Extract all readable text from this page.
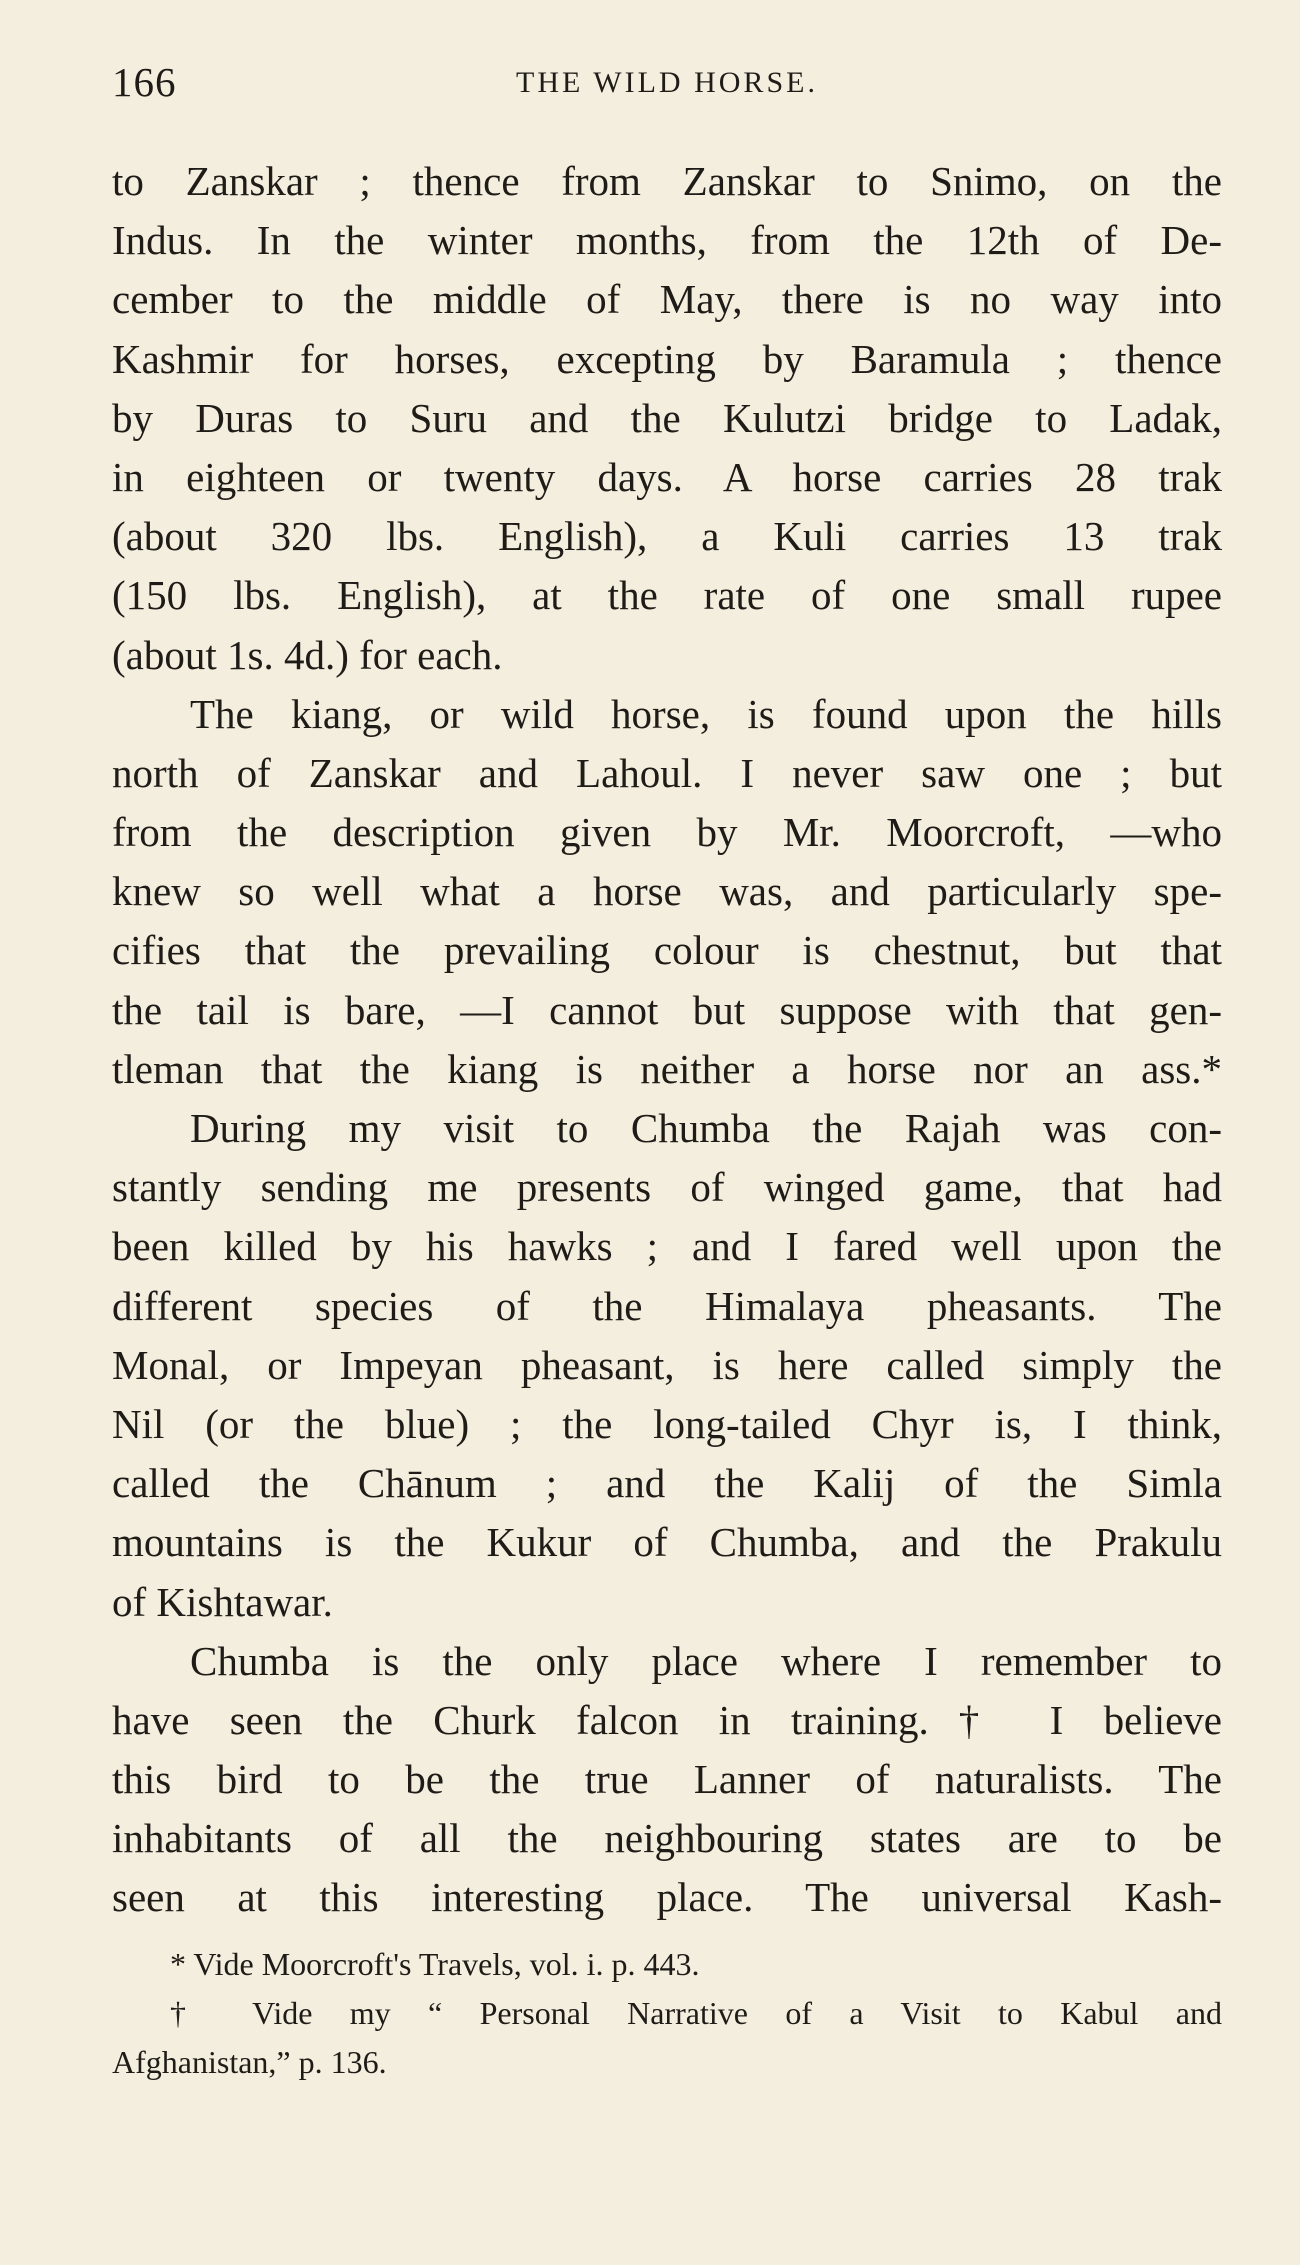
166	THE WILD HORSE.
to Zanskar ; thence from Zanskar to Snimo, on the
Indus. In the winter months, from the 12th of De-
cember to the middle of May, there is no way into
Kashmir for horses, excepting by Baramula ; thence
by Duras to Suru and the Kulutzi bridge to Ladak,
in eighteen or twenty days. A horse carries 28 trak
(about 320 lbs. English), a Kuli carries 13 trak
(150 lbs. English), at the rate of one small rupee
(about 1s. 4d.) for each.
The kiang, or wild horse, is found upon the hills
north of Zanskar and Lahoul. I never saw one ; but
from the description given by Mr. Moorcroft, —who
knew so well what a horse was, and particularly spe-
cifies that the prevailing colour is chestnut, but that
the tail is bare, —I cannot but suppose with that gen-
tleman that the kiang is neither a horse nor an ass.*
During my visit to Chumba the Rajah was con-
stantly sending me presents of winged game, that had
been killed by his hawks ; and I fared well upon the
different species of the Himalaya pheasants. The
Monal, or Impeyan pheasant, is here called simply the
Nil (or the blue) ; the long-tailed Chyr is, I think,
called the Chānum ; and the Kalij of the Simla
mountains is the Kukur of Chumba, and the Prakulu
of Kishtawar.
Chumba is the only place where I remember to
have seen the Churk falcon in training.† I believe
this bird to be the true Lanner of naturalists. The
inhabitants of all the neighbouring states are to be
seen at this interesting place. The universal Kash-
* Vide Moorcroft's Travels, vol. i. p. 443.
† Vide my “ Personal Narrative of a Visit to Kabul and
Afghanistan,” p. 136.
